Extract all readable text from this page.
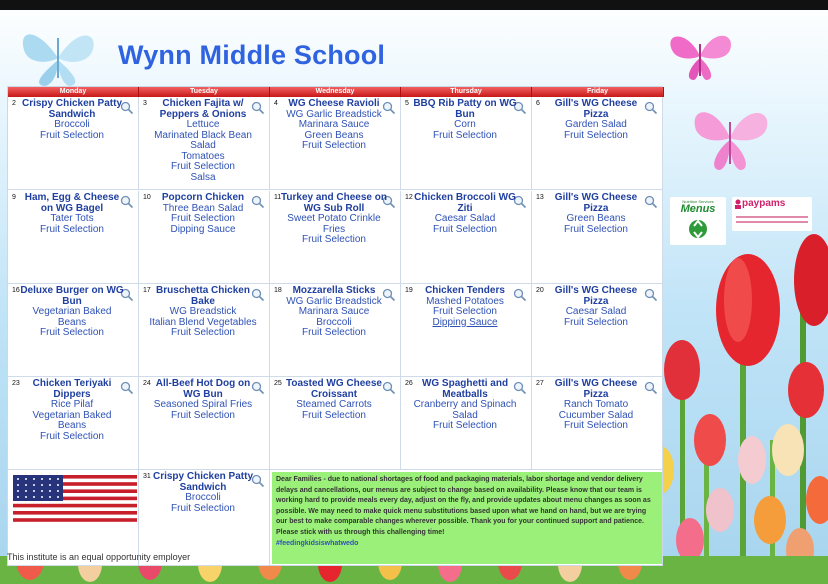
Wynn Middle School
Monday	Tuesday	Wednesday	Thursday	Friday
2 Crispy Chicken Patty Sandwich
Broccoli
Fruit Selection
3	Chicken Fajita w/ Peppers & Onions
Lettuce
Marinated Black Bean Salad
Tomatoes
Fruit Selection
Salsa
4	WG Cheese Ravioli
WG Garlic Breadstick
Marinara Sauce
Green Beans
Fruit Selection
5 BBQ Rib Patty on WG Bun
Corn
Fruit Selection
6	Gill's WG Cheese Pizza
Garden Salad
Fruit Selection
9 Ham, Egg & Cheese on WG Bagel
Tater Tots
Fruit Selection
10	Popcorn Chicken
Three Bean Salad
Fruit Selection
Dipping Sauce
11 Turkey and Cheese on WG Sub Roll
Sweet Potato Crinkle Fries
Fruit Selection
12 Chicken Broccoli WG Ziti
Caesar Salad
Fruit Selection
13	Gill's WG Cheese Pizza
Green Beans
Fruit Selection
16 Deluxe Burger on WG Bun
Vegetarian Baked Beans
Fruit Selection
17 Bruschetta Chicken Bake
WG Breadstick
Italian Blend Vegetables
Fruit Selection
18	Mozzarella Sticks
WG Garlic Breadstick
Marinara Sauce
Broccoli
Fruit Selection
19	Chicken Tenders
Mashed Potatoes
Fruit Selection
Dipping Sauce
20	Gill's WG Cheese Pizza
Caesar Salad
Fruit Selection
23	Chicken Teriyaki Dippers
Rice Pilaf
Vegetarian Baked Beans
Fruit Selection
24 All-Beef Hot Dog on WG Bun
Seasoned Spiral Fries
Fruit Selection
25 Toasted WG Cheese Croissant
Steamed Carrots
Fruit Selection
26 WG Spaghetti and Meatballs
Cranberry and Spinach Salad
Fruit Selection
27	Gill's WG Cheese Pizza
Ranch Tomato Cucumber Salad
Fruit Selection
31 Crispy Chicken Patty Sandwich
Broccoli
Fruit Selection
Nutrition Services
Menus	paypams
This institute is an equal opportunity employer
Dear Families - due to national shortages of food and packaging materials, labor shortage and vendor delivery delays and cancellations, our menus are subject to change based on availability. Please know that our team is working hard to provide meals every day, adjust on the fly, and provide updates about menu changes as soon as possible. We may need to make quick menu substitutions based upon what we hand on hand, but we are trying our best to make comparable changes wherever possible. Thank you for your continued support and patience. Please stick with us through this challenging time!
#feedingkidsiswhatwedo
